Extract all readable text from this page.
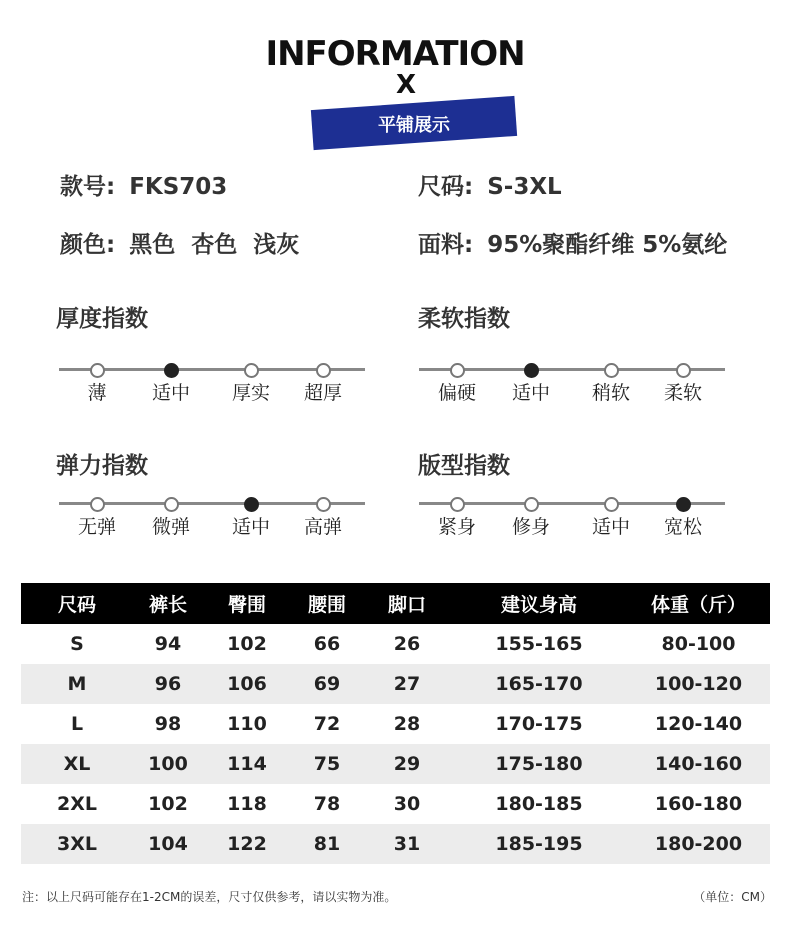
INFORMATION
X
平铺展示
款号: FKS703	尺码: S-3XL
颜色: 黑色  杏色  浅灰	面料: 95%聚酯纤维 5%氨纶
厚度指数
薄	适中	厚实	超厚
柔软指数
偏硬	适中	稍软	柔软
弹力指数
无弹	微弹	适中	高弹
版型指数
紧身	修身	适中	宽松
尺码	裤长	臀围	腰围	脚口	建议身高	体重（斤）
S	94	102	66	26	155-165	80-100
M	96	106	69	27	165-170	100-120
L	98	110	72	28	170-175	120-140
XL	100	114	75	29	175-180	140-160
2XL	102	118	78	30	180-185	160-180
3XL	104	122	81	31	185-195	180-200
注：以上尺码可能存在1-2CM的误差，尺寸仅供参考，请以实物为准。	（单位：CM）
